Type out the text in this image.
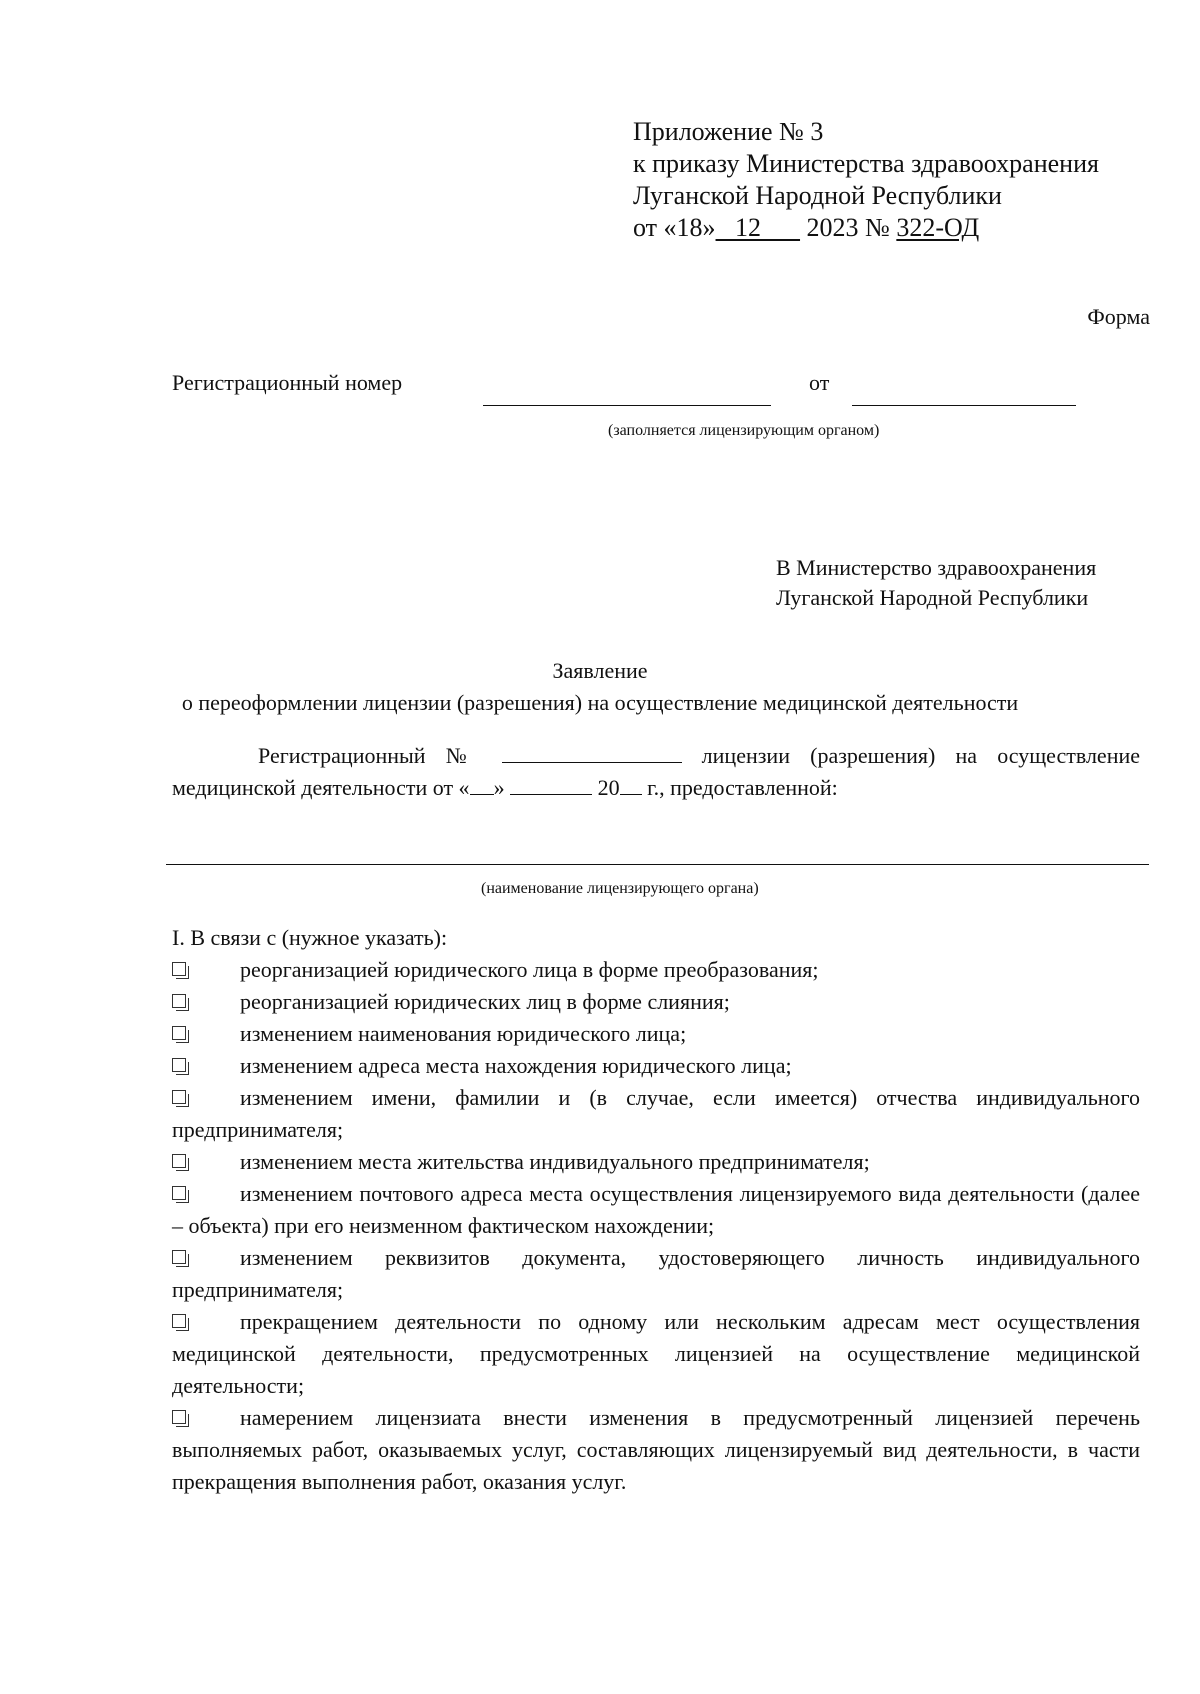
Приложение № 3
к приказу Министерства здравоохранения
Луганской Народной Республики
от «18»   12       2023 № 322-ОД
Форма
Регистрационный номер	от
(заполняется лицензирующим органом)
В Министерство здравоохранения
Луганской Народной Республики
Заявление
о переоформлении лицензии (разрешения) на осуществление медицинской деятельности
Регистрационный №	лицензии (разрешения) на осуществление медицинской деятельности от « »	20 г., предоставленной:
(наименование лицензирующего органа)
I. В связи с (нужное указать):
реорганизацией юридического лица в форме преобразования;
реорганизацией юридических лиц в форме слияния;
изменением наименования юридического лица;
изменением адреса места нахождения юридического лица;
изменением имени, фамилии и (в случае, если имеется) отчества индивидуального предпринимателя;
изменением места жительства индивидуального предпринимателя;
изменением почтового адреса места осуществления лицензируемого вида деятельности (далее – объекта) при его неизменном фактическом нахождении;
изменением реквизитов документа, удостоверяющего личность индивидуального предпринимателя;
прекращением деятельности по одному или нескольким адресам мест осуществления медицинской деятельности, предусмотренных лицензией на осуществление медицинской деятельности;
намерением лицензиата внести изменения в предусмотренный лицензией перечень выполняемых работ, оказываемых услуг, составляющих лицензируемый вид деятельности, в части прекращения выполнения работ, оказания услуг.
